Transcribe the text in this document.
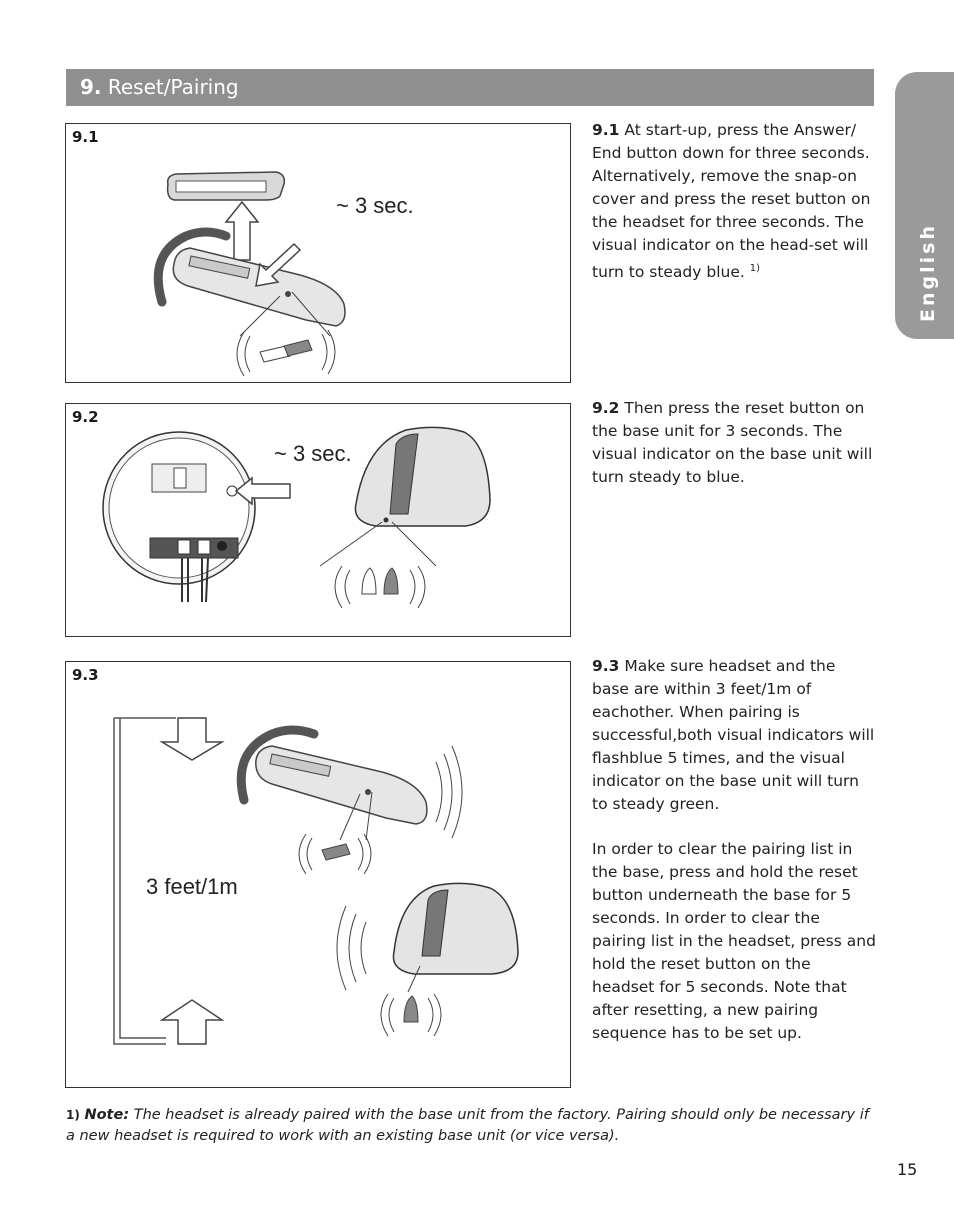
9. Reset/Pairing
English
9.1
~ 3 sec.
9.2
~ 3 sec.
9.3
3 feet/1m
9.1 At start-up, press the Answer/ End button down for three seconds. Alternatively, remove the snap-on cover and press the reset button on the headset for three seconds. The visual indicator on the head-set will turn to steady blue. $^{1)}$
9.2 Then press the reset button on the base unit for 3 seconds. The visual indicator on the base unit will turn steady to blue.
9.3 Make sure headset and the base are within 3 feet/1m of eachother. When pairing is successful,both visual indicators will flashblue 5 times, and the visual indicator on the base unit will turn to steady green.
In order to clear the pairing list in the base, press and hold the reset button underneath the base for 5 seconds. In order to clear the pairing list in the headset, press and hold the reset button on the headset for 5 seconds. Note that after resetting, a new pairing sequence has to be set up.
1) Note: The headset is already paired with the base unit from the factory. Pairing should only be necessary if a new headset is required to work with an existing base unit (or vice versa).
15
